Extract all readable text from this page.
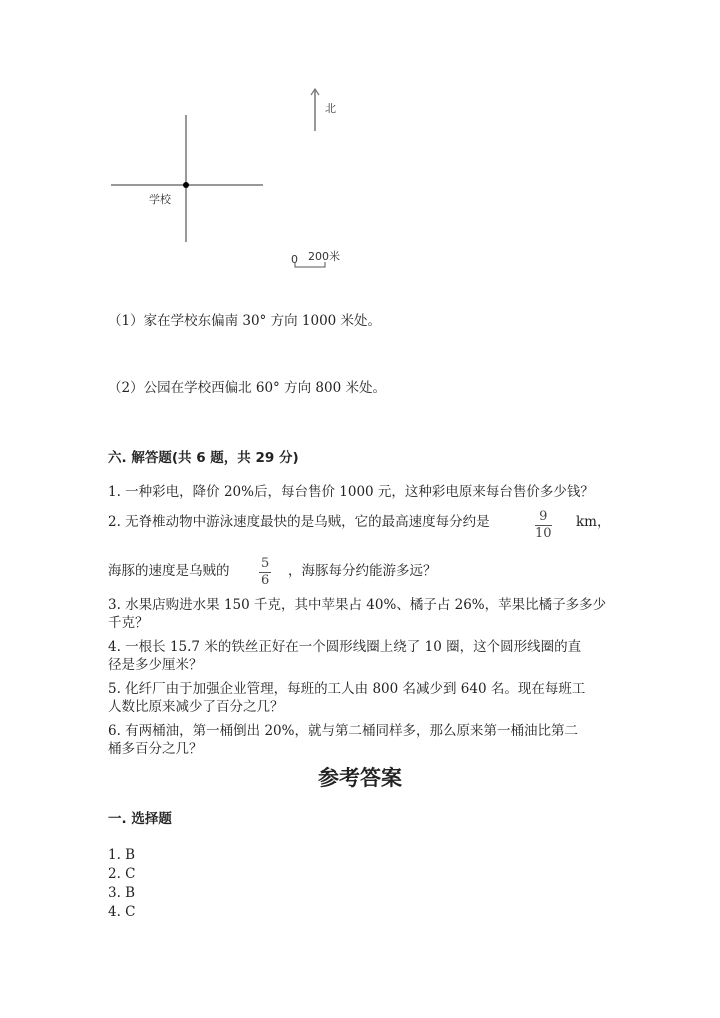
学校
北
0 200米
（1）家在学校东偏南 30° 方向 1000 米处。
（2）公园在学校西偏北 60° 方向 800 米处。
六. 解答题(共 6 题，共 29 分)
1. 一种彩电，降价 20%后，每台售价 1000 元，这种彩电原来每台售价多少钱？
2. 无脊椎动物中游泳速度最快的是乌贼，它的最高速度每分约是	$\frac{9}{10}$ km，
海豚的速度是乌贼的 $\frac{5}{6}$ ，海豚每分约能游多远？
3. 水果店购进水果 150 千克，其中苹果占 40%、橘子占 26%，苹果比橘子多多少
千克？
4. 一根长 15.7 米的铁丝正好在一个圆形线圈上绕了 10 圈，这个圆形线圈的直
径是多少厘米？
5. 化纤厂由于加强企业管理，每班的工人由 800 名减少到 640 名。现在每班工
人数比原来减少了百分之几？
6. 有两桶油，第一桶倒出 20%，就与第二桶同样多，那么原来第一桶油比第二
桶多百分之几？
参考答案
一. 选择题
1. B
2. C
3. B
4. C
